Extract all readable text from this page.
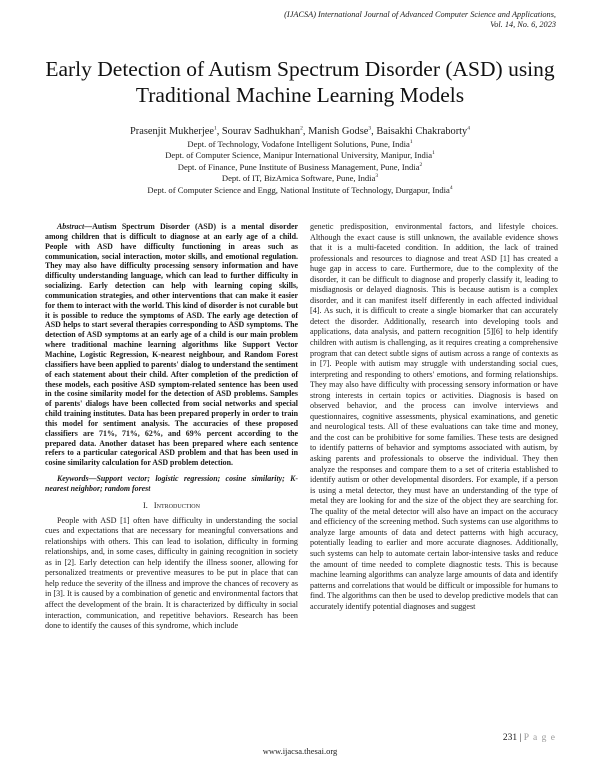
(IJACSA) International Journal of Advanced Computer Science and Applications,
Vol. 14, No. 6, 2023
Early Detection of Autism Spectrum Disorder (ASD) using Traditional Machine Learning Models
Prasenjit Mukherjee$^1$, Sourav Sadhukhan$^2$, Manish Godse$^3$, Baisakhi Chakraborty$^4$
Dept. of Technology, Vodafone Intelligent Solutions, Pune, India$^1$
Dept. of Computer Science, Manipur International University, Manipur, India$^1$
Dept. of Finance, Pune Institute of Business Management, Pune, India$^2$
Dept. of IT, BizAmica Software, Pune, India$^3$
Dept. of Computer Science and Engg, National Institute of Technology, Durgapur, India$^4$

Abstract—Autism Spectrum Disorder (ASD) is a mental disorder among children that is difficult to diagnose at an early age of a child. People with ASD have difficulty functioning in areas such as communication, social interaction, motor skills, and emotional regulation. They may also have difficulty processing sensory information and have difficulty understanding language, which can lead to further difficulty in socializing. Early detection can help with learning coping skills, communication strategies, and other interventions that can make it easier for them to interact with the world. This kind of disorder is not curable but it is possible to reduce the symptoms of ASD. The early age detection of ASD helps to start several therapies corresponding to ASD symptoms. The detection of ASD symptoms at an early age of a child is our main problem where traditional machine learning algorithms like Support Vector Machine, Logistic Regression, K-nearest neighbour, and Random Forest classifiers have been applied to parents' dialog to understand the sentiment of each statement about their child. After completion of the prediction of these models, each positive ASD symptom-related sentence has been used in the cosine similarity model for the detection of ASD problems. Samples of parents' dialogs have been collected from social networks and special child training institutes. Data has been prepared properly in order to train this model for sentiment analysis. The accuracies of these proposed classifiers are 71%, 71%, 62%, and 69% percent according to the prepared data. Another dataset has been prepared where each sentence refers to a particular categorical ASD problem and that has been used in cosine similarity calculation for ASD problem detection.

Keywords—Support vector; logistic regression; cosine similarity; K-nearest neighbor; random forest

I. Introduction

People with ASD [1] often have difficulty in understanding the social cues and expectations that are necessary for meaningful conversations and relationships with others. This can lead to isolation, difficulty in forming relationships, and, in some cases, difficulty in gaining recognition in society as in [2]. Early detection can help identify the illness sooner, allowing for personalized treatments or preventive measures to be put in place that can help reduce the severity of the illness and improve the chances of recovery as in [3]. It is caused by a combination of genetic and environmental factors that affect the development of the brain. It is characterized by difficulty in social interaction, communication, and repetitive behaviors. Research has been done to identify the causes of this syndrome, which include

genetic predisposition, environmental factors, and lifestyle choices. Although the exact cause is still unknown, the available evidence shows that it is a multi-faceted condition. In addition, the lack of trained professionals and resources to diagnose and treat ASD [1] has created a huge gap in access to care. Furthermore, due to the complexity of the disorder, it can be difficult to diagnose and properly classify it, leading to misdiagnosis or delayed diagnosis. This is because autism is a complex disorder, and it can manifest itself differently in each affected individual [4]. As such, it is difficult to create a single biomarker that can accurately detect the disorder. Additionally, research into developing tools and applications, data analysis, and pattern recognition [5][6] to help identify children with autism is challenging, as it requires creating a comprehensive program that can detect subtle signs of autism across a range of contexts as in [7]. People with autism may struggle with understanding social cues, interpreting and responding to others' emotions, and forming relationships. They may also have difficulty with processing sensory information or have strong interests in certain topics or activities. Diagnosis is based on observed behavior, and the process can involve interviews and questionnaires, cognitive assessments, physical examinations, and genetic and neurological tests. All of these evaluations can take time and money, and the cost can be prohibitive for some families. These tests are designed to identify patterns of behavior and symptoms associated with autism, by asking parents and professionals to observe the individual. They then analyze the responses and compare them to a set of criteria established to identify autism or other developmental disorders. For example, if a person is using a metal detector, they must have an understanding of the type of metal they are looking for and the size of the object they are searching for. The quality of the metal detector will also have an impact on the accuracy and efficiency of the screening method. Such systems can use algorithms to analyze large amounts of data and detect patterns with high accuracy, potentially leading to earlier and more accurate diagnoses. Additionally, such systems can help to automate certain labor-intensive tasks and reduce the amount of time needed to complete diagnostic tests. This is because machine learning algorithms can analyze large amounts of data and identify patterns and correlations that would be difficult or impossible for humans to find. The algorithms can then be used to develop predictive models that can accurately identify potential diagnoses and suggest

231 | P a g e
www.ijacsa.thesai.org
